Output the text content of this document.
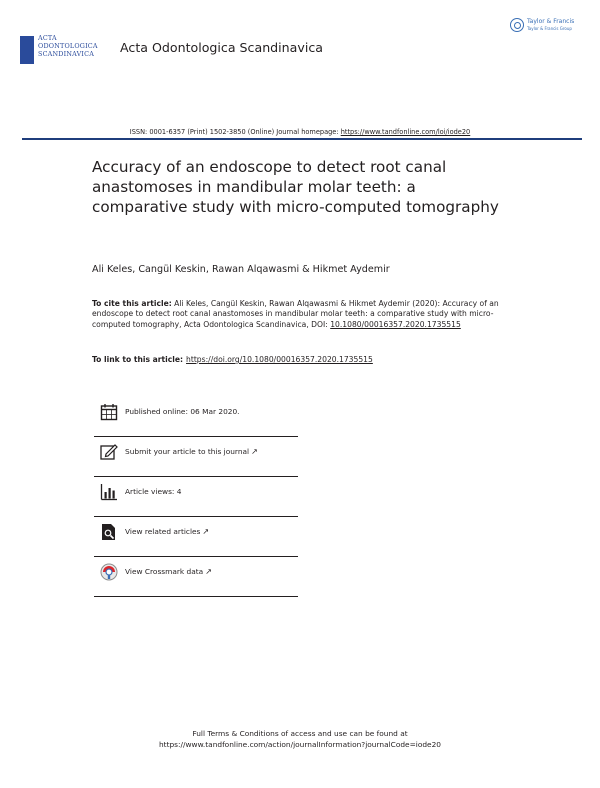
ACTA
ODONTOLOGICA
SCANDINAVICA Acta Odontologica Scandinavica
Taylor & Francis
Taylor & Francis Group
ISSN: 0001-6357 (Print) 1502-3850 (Online) Journal homepage: https://www.tandfonline.com/loi/iode20
Accuracy of an endoscope to detect root canal anastomoses in mandibular molar teeth: a comparative study with micro-computed tomography
Ali Keles, Cangül Keskin, Rawan Alqawasmi & Hikmet Aydemir
To cite this article: Ali Keles, Cangül Keskin, Rawan Alqawasmi & Hikmet Aydemir (2020): Accuracy of an endoscope to detect root canal anastomoses in mandibular molar teeth: a comparative study with micro-computed tomography, Acta Odontologica Scandinavica, DOI: 10.1080/00016357.2020.1735515
To link to this article: https://doi.org/10.1080/00016357.2020.1735515
Published online: 06 Mar 2020.
Submit your article to this journal ↗
Article views: 4
View related articles ↗
View Crossmark data ↗
Full Terms & Conditions of access and use can be found at
https://www.tandfonline.com/action/journalInformation?journalCode=iode20
